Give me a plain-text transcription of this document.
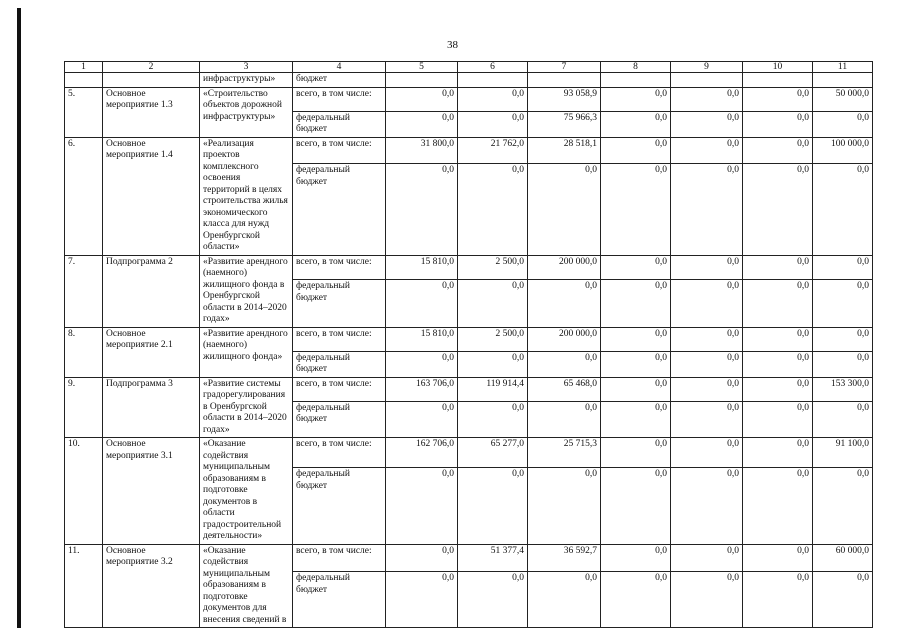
38
1	2	3	4	5	6	7	8	9	10	11
		инфраструктуры»	бюджет							
5.	Основное мероприятие 1.3	«Строительство объектов дорожной инфраструктуры»	всего, в том числе:	0,0	0,0	93 058,9	0,0	0,0	0,0	50 000,0
			федеральный бюджет	0,0	0,0	75 966,3	0,0	0,0	0,0	0,0
6.	Основное мероприятие 1.4	«Реализация проектов комплексного освоения территорий в целях строительства жилья экономического класса для нужд Оренбургской области»	всего, в том числе:	31 800,0	21 762,0	28 518,1	0,0	0,0	0,0	100 000,0
			федеральный бюджет	0,0	0,0	0,0	0,0	0,0	0,0	0,0
7.	Подпрограмма 2	«Развитие арендного (наемного) жилищного фонда в Оренбургской области в 2014–2020 годах»	всего, в том числе:	15 810,0	2 500,0	200 000,0	0,0	0,0	0,0	0,0
			федеральный бюджет	0,0	0,0	0,0	0,0	0,0	0,0	0,0
8.	Основное мероприятие 2.1	«Развитие арендного (наемного) жилищного фонда»	всего, в том числе:	15 810,0	2 500,0	200 000,0	0,0	0,0	0,0	0,0
			федеральный бюджет	0,0	0,0	0,0	0,0	0,0	0,0	0,0
9.	Подпрограмма 3	«Развитие системы градорегулирования в Оренбургской области в 2014–2020 годах»	всего, в том числе:	163 706,0	119 914,4	65 468,0	0,0	0,0	0,0	153 300,0
			федеральный бюджет	0,0	0,0	0,0	0,0	0,0	0,0	0,0
10.	Основное мероприятие 3.1	«Оказание содействия муниципальным образованиям в подготовке документов в области градостроительной деятельности»	всего, в том числе:	162 706,0	65 277,0	25 715,3	0,0	0,0	0,0	91 100,0
			федеральный бюджет	0,0	0,0	0,0	0,0	0,0	0,0	0,0
11.	Основное мероприятие 3.2	«Оказание содействия муниципальным образованиям в подготовке документов для внесения сведений в	всего, в том числе:	0,0	51 377,4	36 592,7	0,0	0,0	0,0	60 000,0
			федеральный бюджет	0,0	0,0	0,0	0,0	0,0	0,0	0,0
